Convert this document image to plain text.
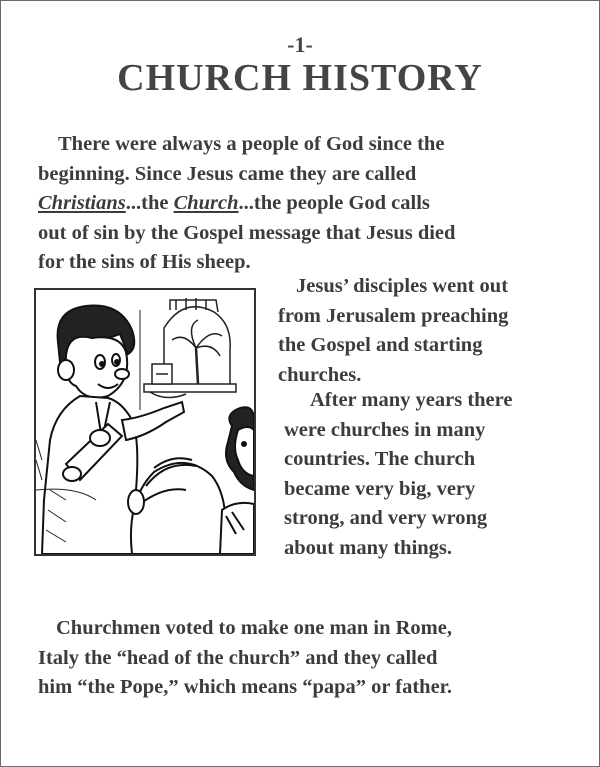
-1-
CHURCH HISTORY
There were always a people of God since the
beginning. Since Jesus came they are called
Christians...the Church...the people God calls
out of sin by the Gospel message that Jesus died
for the sins of His sheep.
Jesus’ disciples went out
from Jerusalem preaching
the Gospel and starting
churches.
After many years there
were churches in many
countries. The church
became very big, very
strong, and very wrong
about many things.
Churchmen voted to make one man in Rome,
Italy the “head of the church” and they called
him “the Pope,” which means “papa” or father.
